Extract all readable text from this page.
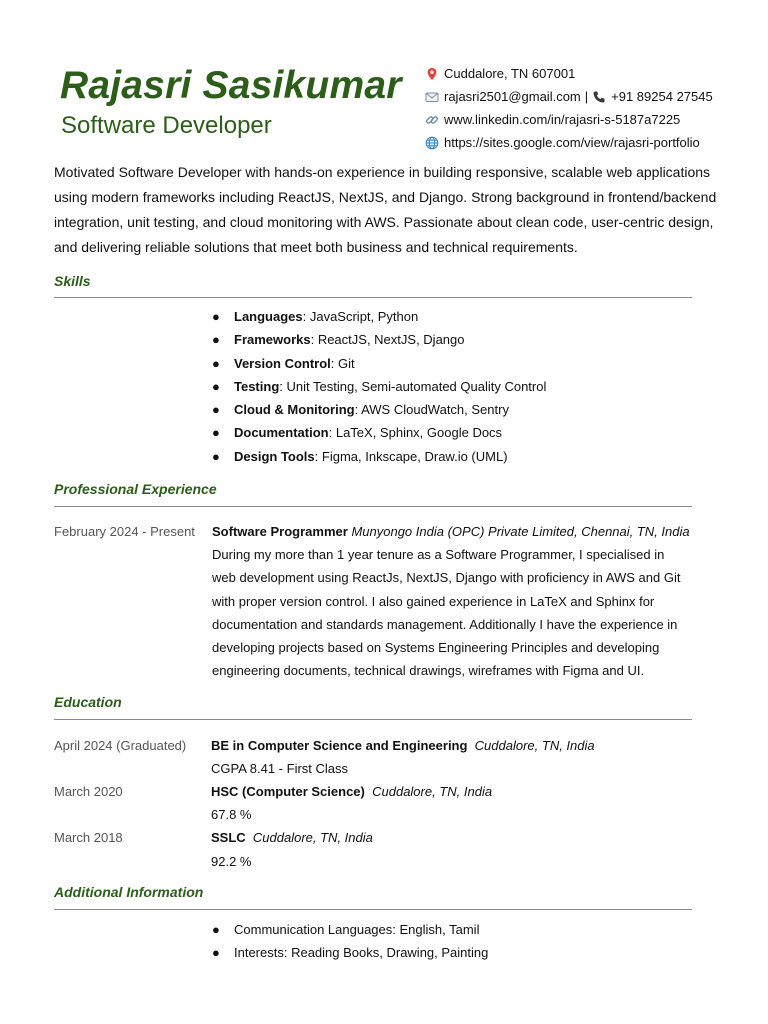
Rajasri Sasikumar
Software Developer
Cuddalore, TN 607001
rajasri2501@gmail.com | +91 89254 27545
www.linkedin.com/in/rajasri-s-5187a7225
https://sites.google.com/view/rajasri-portfolio

Motivated Software Developer with hands-on experience in building responsive, scalable web applications using modern frameworks including ReactJS, NextJS, and Django. Strong background in frontend/backend integration, unit testing, and cloud monitoring with AWS. Passionate about clean code, user-centric design, and delivering reliable solutions that meet both business and technical requirements.

Skills
● Languages: JavaScript, Python
● Frameworks: ReactJS, NextJS, Django
● Version Control: Git
● Testing: Unit Testing, Semi-automated Quality Control
● Cloud & Monitoring: AWS CloudWatch, Sentry
● Documentation: LaTeX, Sphinx, Google Docs
● Design Tools: Figma, Inkscape, Draw.io (UML)
Professional Experience
February 2024 - Present Software Programmer Munyongo India (OPC) Private Limited, Chennai, TN, India
During my more than 1 year tenure as a Software Programmer, I specialised in web development using ReactJs, NextJS, Django with proficiency in AWS and Git with proper version control. I also gained experience in LaTeX and Sphinx for documentation and standards management. Additionally I have the experience in developing projects based on Systems Engineering Principles and developing engineering documents, technical drawings, wireframes with Figma and UI.
Education
April 2024 (Graduated) BE in Computer Science and Engineering Cuddalore, TN, India
CGPA 8.41 - First Class
March 2020	HSC (Computer Science) Cuddalore, TN, India
67.8 %
March 2018	SSLC Cuddalore, TN, India
92.2 %
Additional Information
● Communication Languages: English, Tamil
● Interests: Reading Books, Drawing, Painting
